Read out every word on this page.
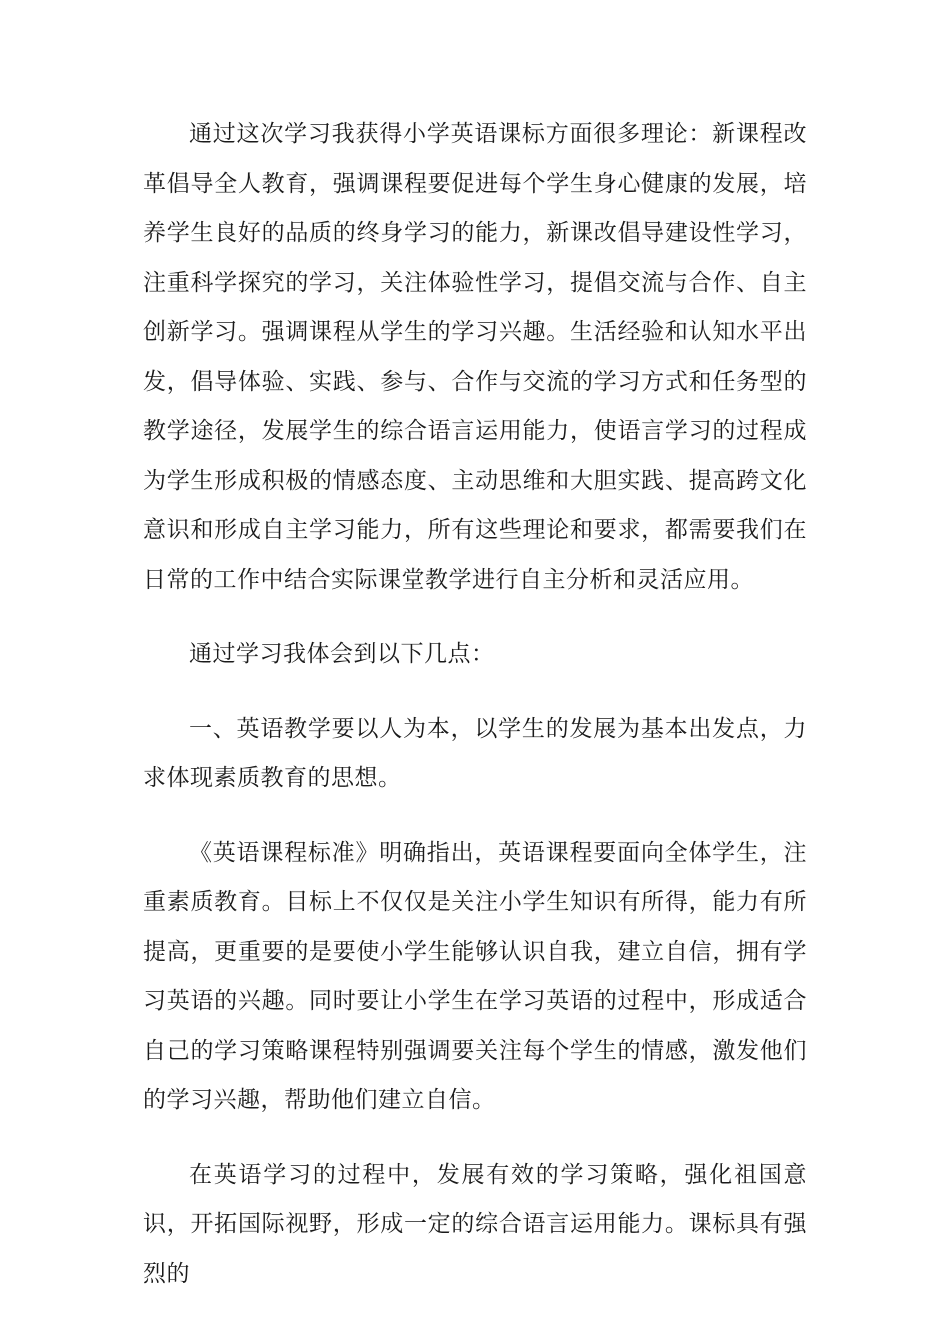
通过这次学习我获得小学英语课标方面很多理论：新课程改革倡导全人教育，强调课程要促进每个学生身心健康的发展，培养学生良好的品质的终身学习的能力，新课改倡导建设性学习，注重科学探究的学习，关注体验性学习，提倡交流与合作、自主创新学习。强调课程从学生的学习兴趣。生活经验和认知水平出发，倡导体验、实践、参与、合作与交流的学习方式和任务型的教学途径，发展学生的综合语言运用能力，使语言学习的过程成为学生形成积极的情感态度、主动思维和大胆实践、提高跨文化意识和形成自主学习能力，所有这些理论和要求，都需要我们在日常的工作中结合实际课堂教学进行自主分析和灵活应用。

通过学习我体会到以下几点：

一、英语教学要以人为本，以学生的发展为基本出发点，力求体现素质教育的思想。

《英语课程标准》明确指出，英语课程要面向全体学生，注重素质教育。目标上不仅仅是关注小学生知识有所得，能力有所提高，更重要的是要使小学生能够认识自我，建立自信，拥有学习英语的兴趣。同时要让小学生在学习英语的过程中，形成适合自己的学习策略课程特别强调要关注每个学生的情感，激发他们的学习兴趣，帮助他们建立自信。

在英语学习的过程中，发展有效的学习策略，强化祖国意识，开拓国际视野，形成一定的综合语言运用能力。课标具有强烈的
